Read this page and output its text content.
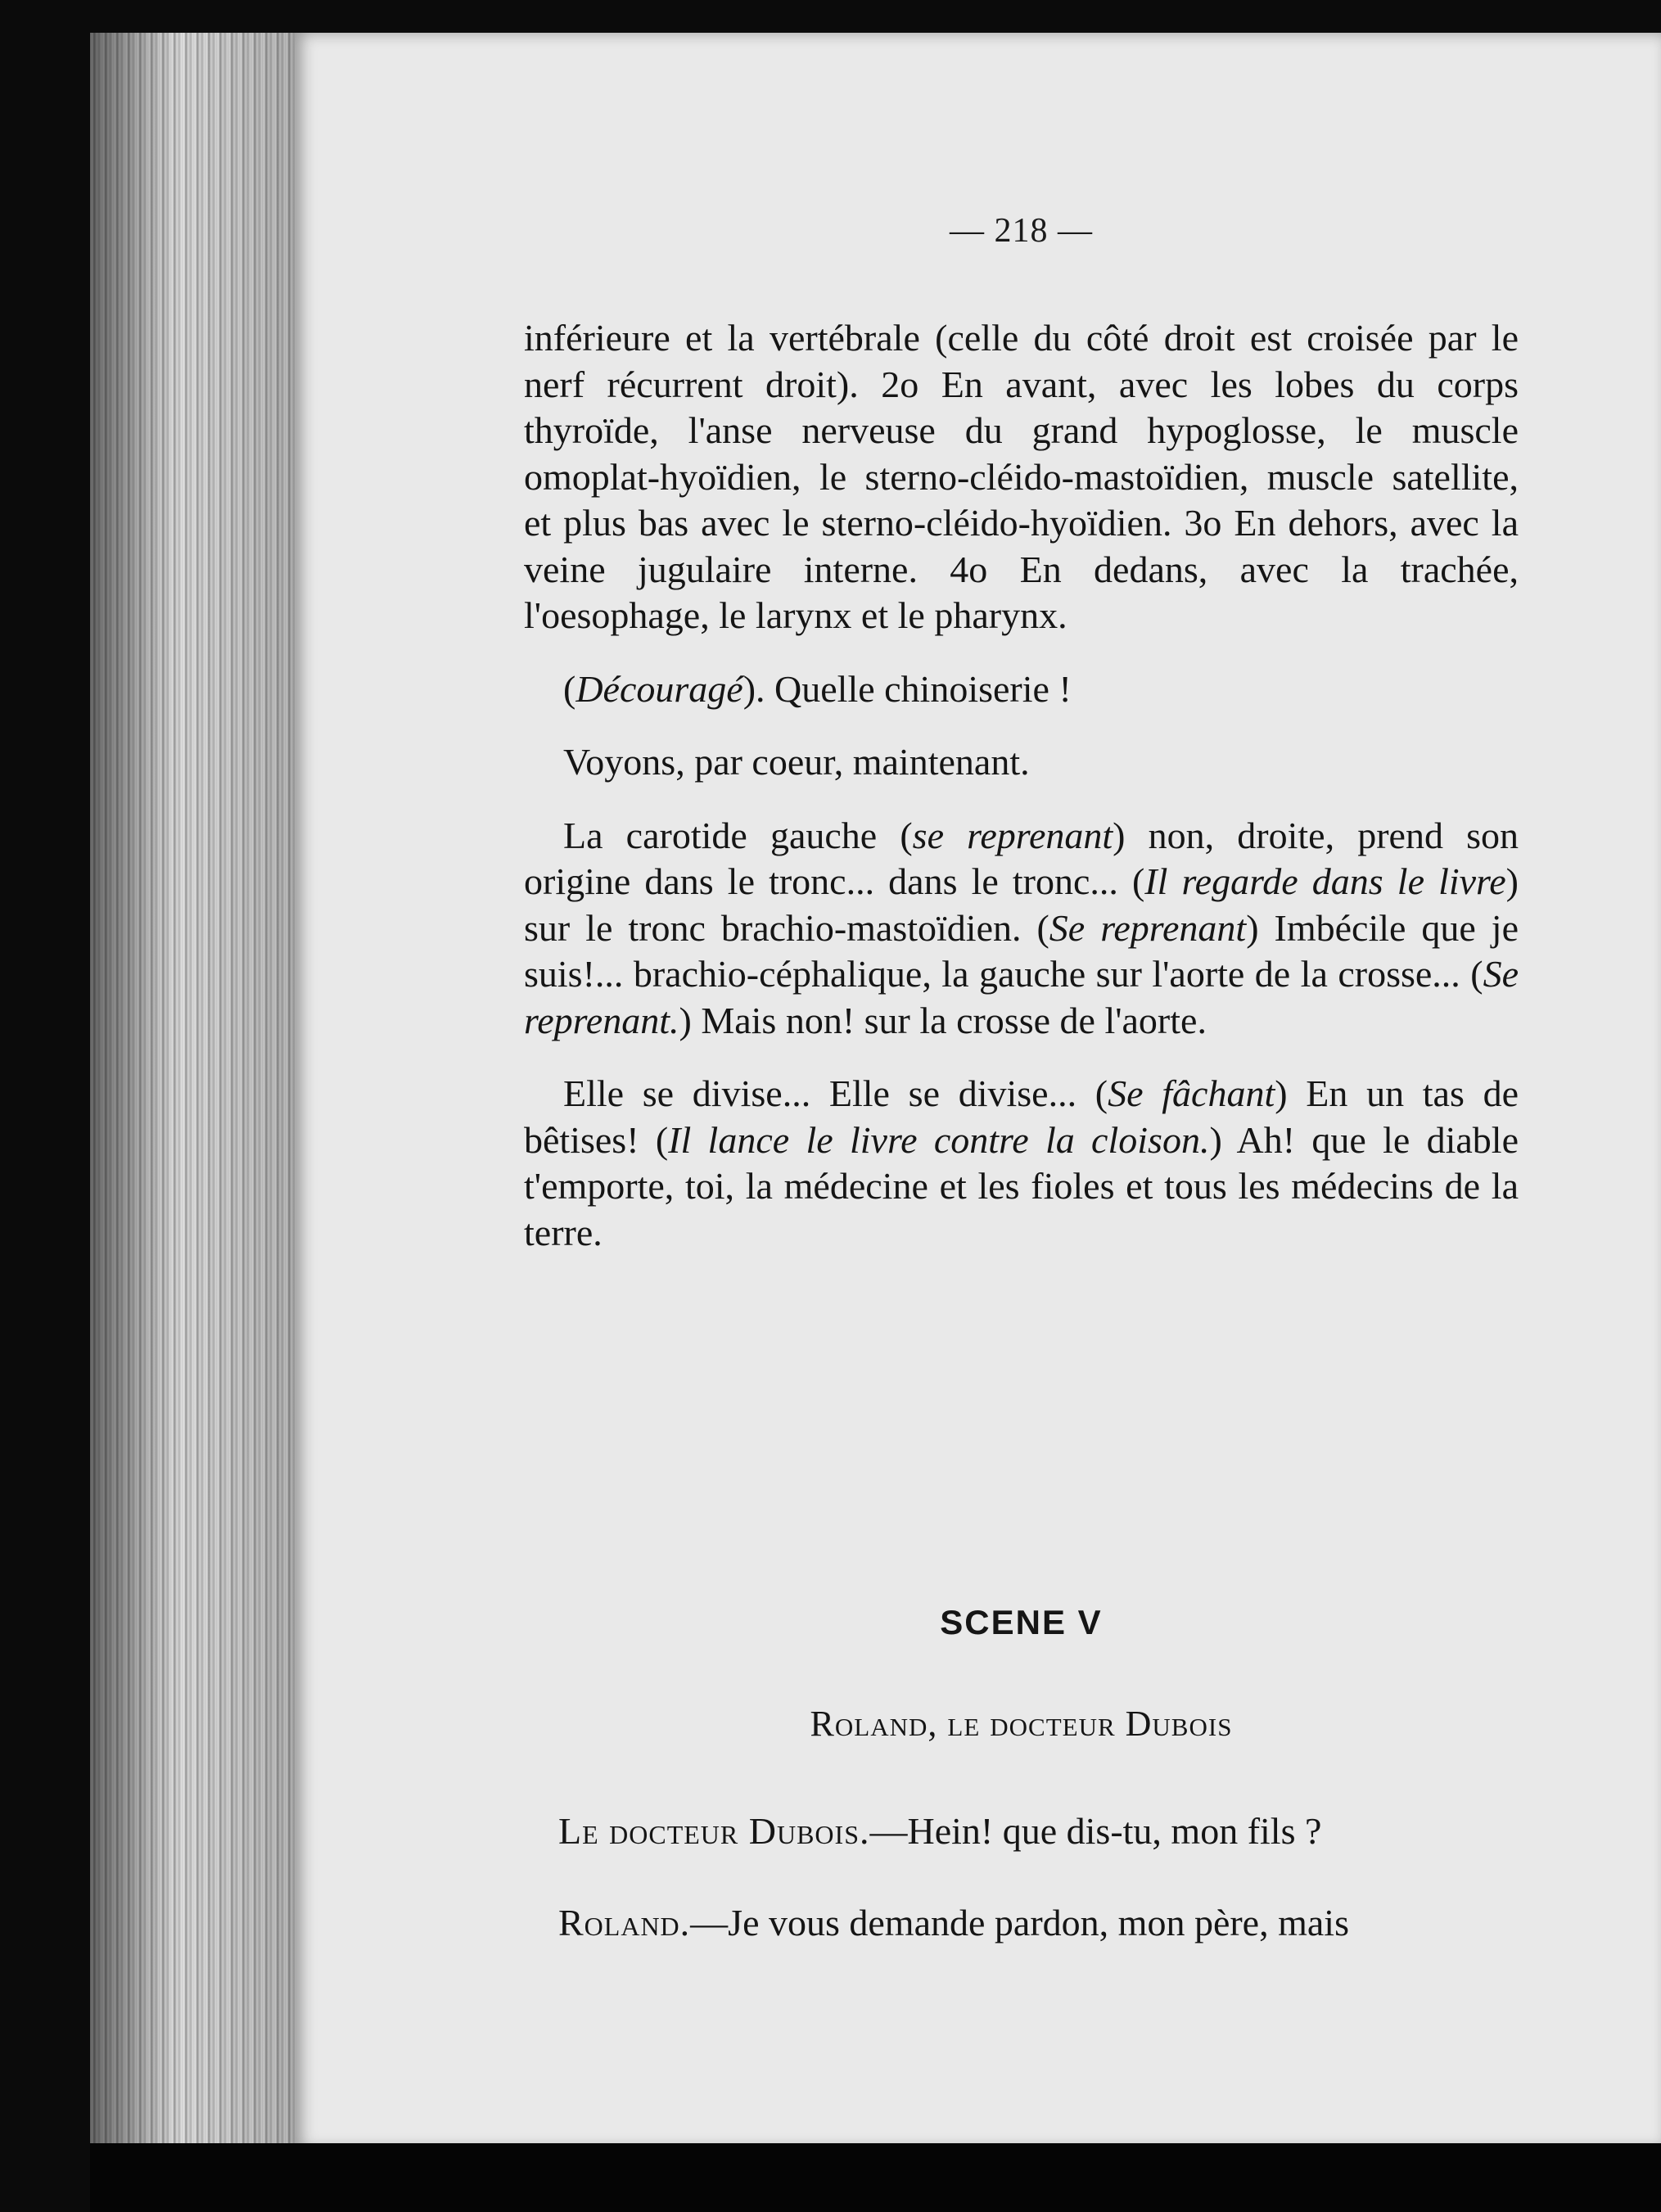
— 218 —

inférieure et la vertébrale (celle du côté droit est croisée par le nerf récurrent droit). 2o En avant, avec les lobes du corps thyroïde, l'anse nerveuse du grand hypoglosse, le muscle omoplat-hyoïdien, le sterno-cléido-mastoïdien, muscle satellite, et plus bas avec le sterno-cléido-hyoïdien. 3o En dehors, avec la veine jugulaire interne. 4o En dedans, avec la trachée, l'oesophage, le larynx et le pharynx.

(Découragé). Quelle chinoiserie !

Voyons, par coeur, maintenant.

La carotide gauche (se reprenant) non, droite, prend son origine dans le tronc... dans le tronc... (Il regarde dans le livre) sur le tronc brachio-mastoïdien. (Se reprenant) Imbécile que je suis!... brachio-céphalique, la gauche sur l'aorte de la crosse... (Se reprenant.) Mais non! sur la crosse de l'aorte.

Elle se divise... Elle se divise... (Se fâchant) En un tas de bêtises! (Il lance le livre contre la cloison.) Ah! que le diable t'emporte, toi, la médecine et les fioles et tous les médecins de la terre.

SCENE V
Roland, le docteur Dubois
Le docteur Dubois.—Hein! que dis-tu, mon fils ?
Roland.—Je vous demande pardon, mon père, mais
